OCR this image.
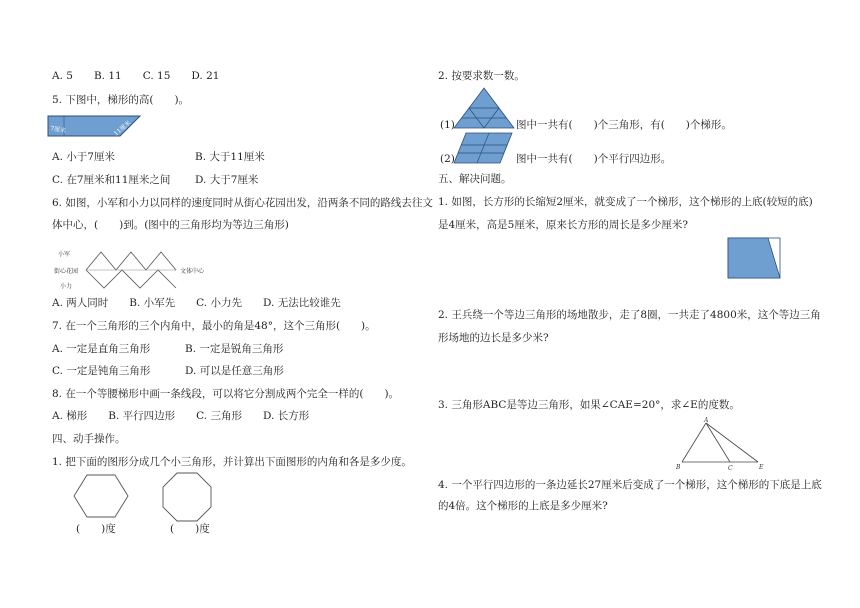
A. 5　　B. 11　　C. 15　　D. 21
5. 下图中，梯形的高(　　)。
7厘米	11厘米
A. 小于7厘米	B. 大于11厘米
C. 在7厘米和11厘米之间 D. 大于7厘米
6. 如图，小军和小力以同样的速度同时从街心花园出发，沿两条不同的路线去往文
体中心，(　　)到。(图中的三角形均为等边三角形)
小军
街心花园
小力
文体中心
A. 两人同时　　B. 小军先　　C. 小力先　　D. 无法比较谁先
7. 在一个三角形的三个内角中，最小的角是48°，这个三角形(　　)。
A. 一定是直角三角形	B. 一定是锐角三角形
C. 一定是钝角三角形	D. 可以是任意三角形
8. 在一个等腰梯形中画一条线段，可以将它分割成两个完全一样的(　　)。
A. 梯形　　B. 平行四边形　　C. 三角形　　D. 长方形
四、动手操作。
1. 把下面的图形分成几个小三角形，并计算出下面图形的内角和各是多少度。
(　　)度	(　　)度
2. 按要求数一数。
(1)	图中一共有(　　)个三角形，有(　　)个梯形。
(2)	图中一共有(　　)个平行四边形。
五、解决问题。
1. 如图，长方形的长缩短2厘米，就变成了一个梯形，这个梯形的上底(较短的底)
是4厘米，高是5厘米，原来长方形的周长是多少厘米?
2. 王兵绕一个等边三角形的场地散步，走了8圈，一共走了4800米，这个等边三角
形场地的边长是多少米?
3. 三角形ABC是等边三角形，如果∠CAE=20°，求∠E的度数。
A
B	C	E
4. 一个平行四边形的一条边延长27厘米后变成了一个梯形，这个梯形的下底是上底
的4倍。这个梯形的上底是多少厘米?
